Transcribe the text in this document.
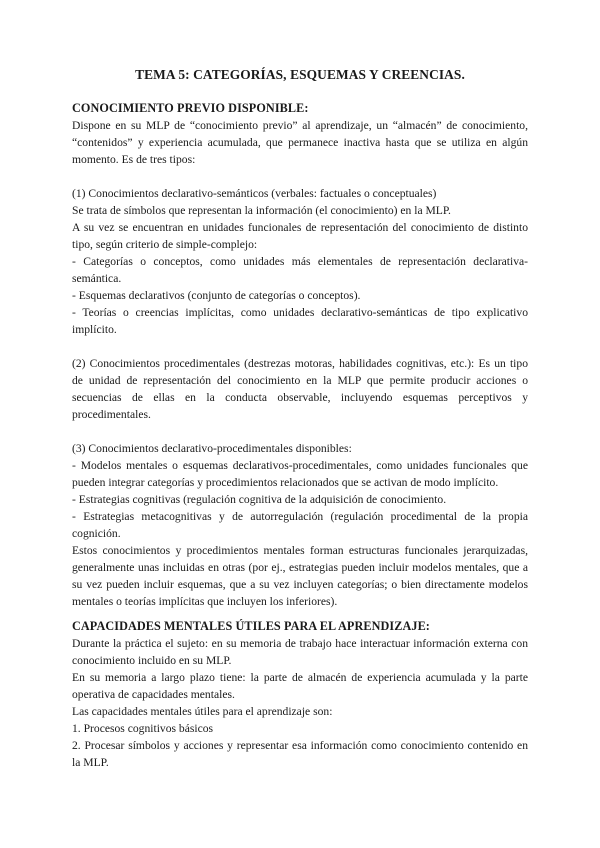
TEMA 5: CATEGORÍAS, ESQUEMAS Y CREENCIAS.

CONOCIMIENTO PREVIO DISPONIBLE:

Dispone en su MLP de “conocimiento previo” al aprendizaje, un “almacén” de conocimiento, “contenidos” y experiencia acumulada, que permanece inactiva hasta que se utiliza en algún momento. Es de tres tipos:

(1) Conocimientos declarativo-semánticos (verbales: factuales o conceptuales)

Se trata de símbolos que representan la información (el conocimiento) en la MLP.

A su vez se encuentran en unidades funcionales de representación del conocimiento de distinto tipo, según criterio de simple-complejo:

- Categorías o conceptos, como unidades más elementales de representación declarativa-semántica.

- Esquemas declarativos (conjunto de categorías o conceptos).

- Teorías o creencias implícitas, como unidades declarativo-semánticas de tipo explicativo implícito.

(2) Conocimientos procedimentales (destrezas motoras, habilidades cognitivas, etc.): Es un tipo de unidad de representación del conocimiento en la MLP que permite producir acciones o secuencias de ellas en la conducta observable, incluyendo esquemas perceptivos y procedimentales.

(3) Conocimientos declarativo-procedimentales disponibles:

- Modelos mentales o esquemas declarativos-procedimentales, como unidades funcionales que pueden integrar categorías y procedimientos relacionados que se activan de modo implícito.

- Estrategias cognitivas (regulación cognitiva de la adquisición de conocimiento.

- Estrategias metacognitivas y de autorregulación (regulación procedimental de la propia cognición.

Estos conocimientos y procedimientos mentales forman estructuras funcionales jerarquizadas, generalmente unas incluidas en otras (por ej., estrategias pueden incluir modelos mentales, que a su vez pueden incluir esquemas, que a su vez incluyen categorías; o bien directamente modelos mentales o teorías implícitas que incluyen los inferiores).

CAPACIDADES MENTALES ÚTILES PARA EL APRENDIZAJE:

Durante la práctica el sujeto: en su memoria de trabajo hace interactuar información externa con conocimiento incluido en su MLP.

En su memoria a largo plazo tiene: la parte de almacén de experiencia acumulada y la parte operativa de capacidades mentales.

Las capacidades mentales útiles para el aprendizaje son:

1. Procesos cognitivos básicos

2. Procesar símbolos y acciones y representar esa información como conocimiento contenido en la MLP.
